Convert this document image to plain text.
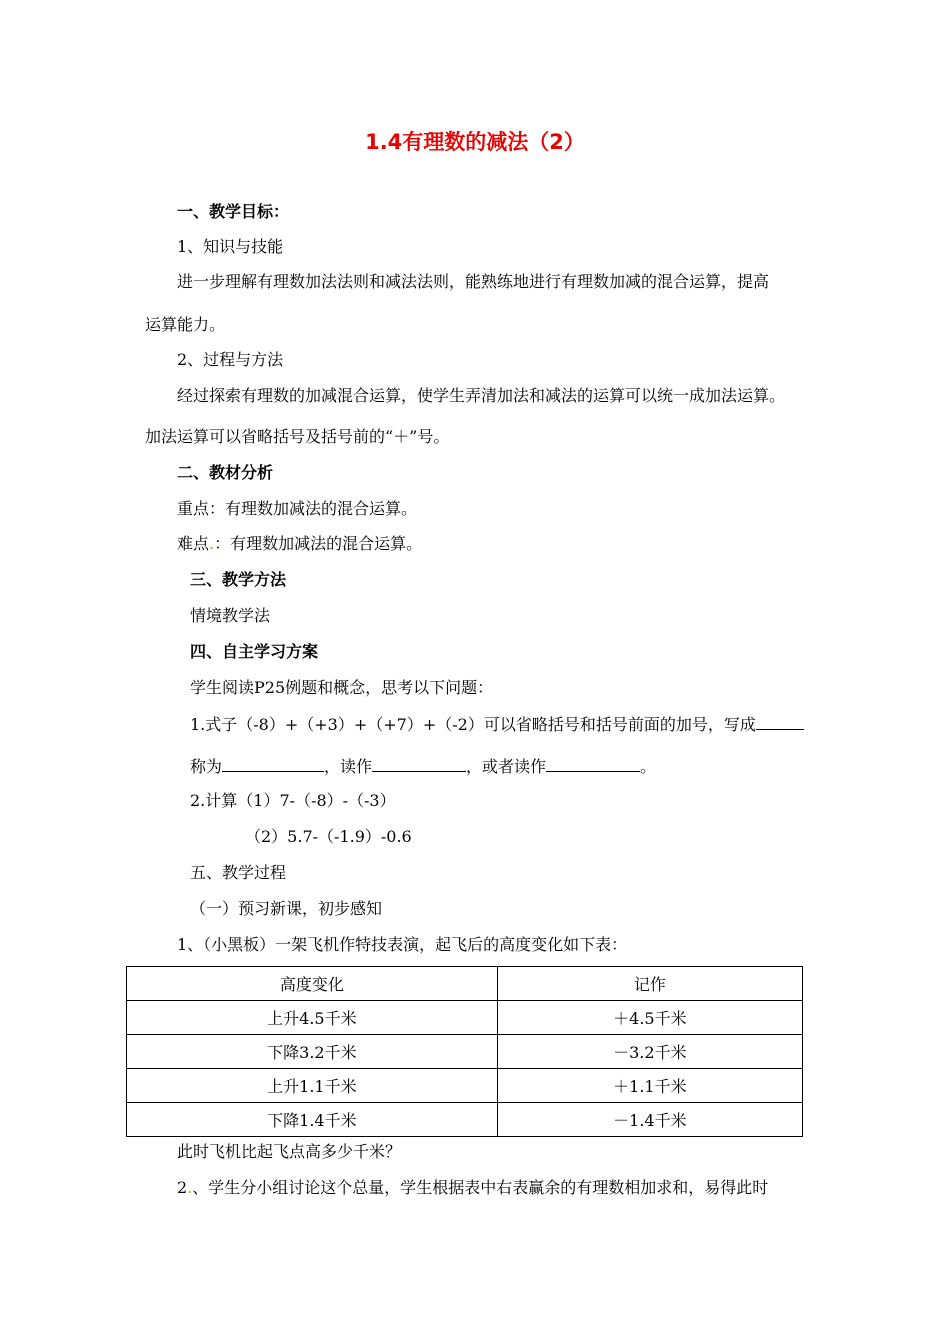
1.4有理数的减法（2）
一、教学目标：
1、知识与技能
进一步理解有理数加法法则和减法法则，能熟练地进行有理数加减的混合运算，提高
运算能力。
2、过程与方法
经过探索有理数的加减混合运算，使学生弄清加法和减法的运算可以统一成加法运算。
加法运算可以省略括号及括号前的“＋”号。
二、教材分析
重点：有理数加减法的混合运算。
难点.：有理数加减法的混合运算。
三、教学方法
情境教学法
四、自主学习方案
学生阅读P25例题和概念，思考以下问题：
1.式子（-8）+（+3）+（+7）+（-2）可以省略括号和括号前面的加号，写成
称为	，读作	，或者读作	。
2.计算（1）7-（-8）-（-3）
（2）5.7-（-1.9）-0.6
五、教学过程
（一）预习新课，初步感知
1、（小黑板）一架飞机作特技表演，起飞后的高度变化如下表：
高度变化	记作
上升4.5千米	＋4.5千米
下降3.2千米	－3.2千米
上升1.1千米	＋1.1千米
下降1.4千米	－1.4千米
此时飞机比起飞点高多少千米？
2.、学生分小组讨论这个总量，学生根据表中右表赢余的有理数相加求和，易得此时
